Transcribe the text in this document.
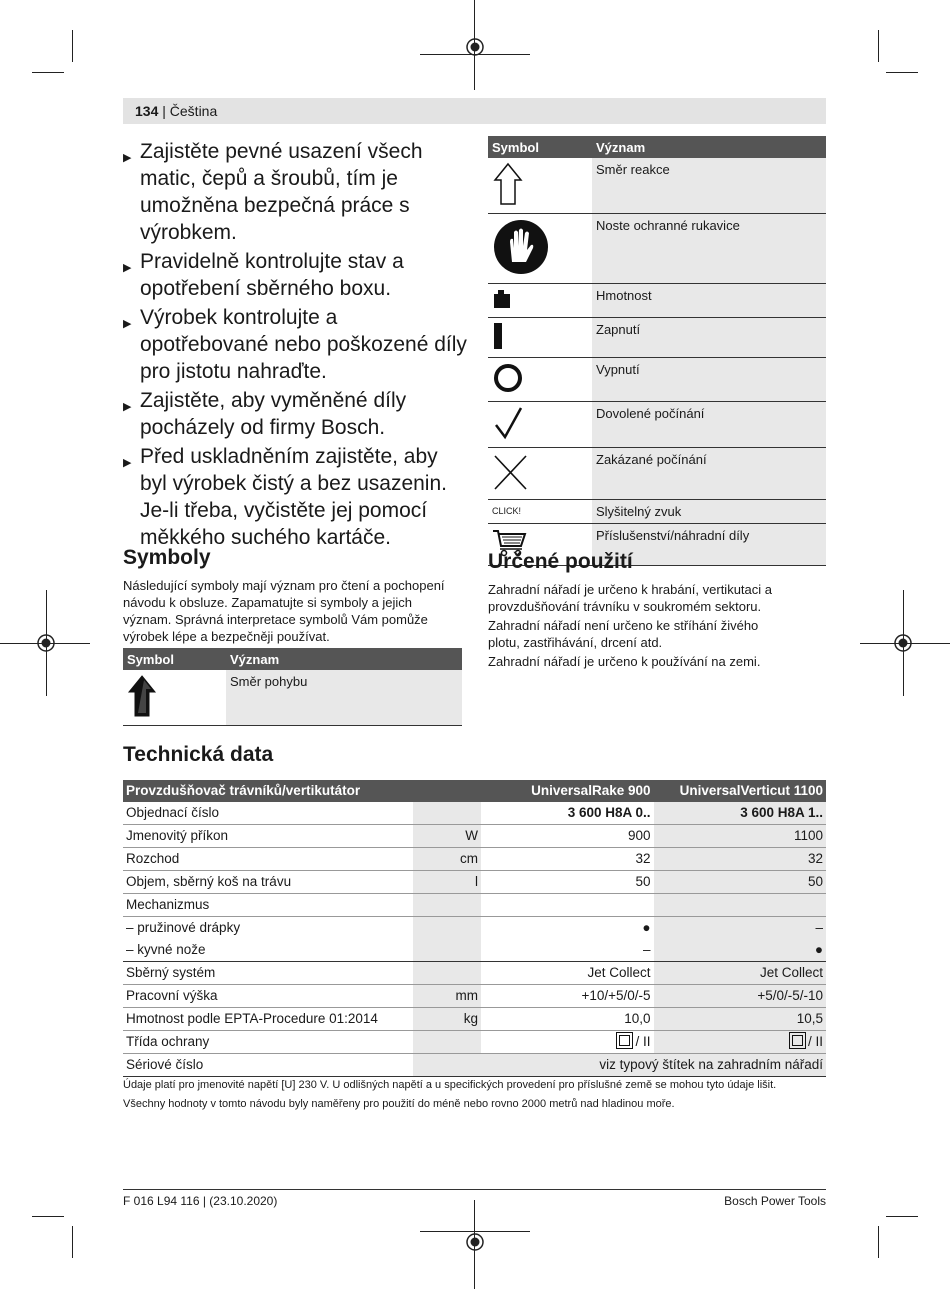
134 | Čeština
▶ Zajistěte pevné usazení všech matic, čepů a šroubů, tím je umožněna bezpečná práce s výrobkem.
▶ Pravidelně kontrolujte stav a opotřebení sběrného boxu.
▶ Výrobek kontrolujte a opotřebované nebo poškozené díly pro jistotu nahraďte.
▶ Zajistěte, aby vyměněné díly pocházely od firmy Bosch.
▶ Před uskladněním zajistěte, aby byl výrobek čistý a bez usazenin. Je-li třeba, vyčistěte jej pomocí měkkého suchého kartáče.
Symboly
Následující symboly mají význam pro čtení a pochopení návodu k obsluze. Zapamatujte si symboly a jejich význam. Správná interpretace symbolů Vám pomůže výrobek lépe a bezpečněji používat.
Symbol	Význam
	Směr pohybu
Symbol	Význam
	Směr reakce
	Noste ochranné rukavice
	Hmotnost
	Zapnutí
	Vypnutí
	Dovolené počínání
	Zakázané počínání
CLICK!	Slyšitelný zvuk
	Příslušenství/náhradní díly
Určené použití
Zahradní nářadí je určeno k hrabání, vertikutaci a provzdušňování trávníku v soukromém sektoru.
Zahradní nářadí není určeno ke stříhání živého plotu, zastřihávání, drcení atd.
Zahradní nářadí je určeno k používání na zemi.
Technická data
Provzdušňovač trávníků/vertikutátor		UniversalRake 900	UniversalVerticut 1100
Objednací číslo		3 600 H8A 0..	3 600 H8A 1..
Jmenovitý příkon	W	900	1100
Rozchod	cm	32	32
Objem, sběrný koš na trávu	l	50	50
Mechanizmus			
– pružinové drápky		●	–
– kyvné nože		–	●
Sběrný systém		Jet Collect	Jet Collect
Pracovní výška	mm	+10/+5/0/-5	+5/0/-5/-10
Hmotnost podle EPTA-Procedure 01:2014	kg	10,0	10,5
Třída ochrany		/ II	/ II
Sériové číslo	viz typový štítek na zahradním nářadí		
Údaje platí pro jmenovité napětí [U] 230 V. U odlišných napětí a u specifických provedení pro příslušné země se mohou tyto údaje lišit.
Všechny hodnoty v tomto návodu byly naměřeny pro použití do méně nebo rovno 2000 metrů nad hladinou moře.
F 016 L94 116 | (23.10.2020)	Bosch Power Tools
